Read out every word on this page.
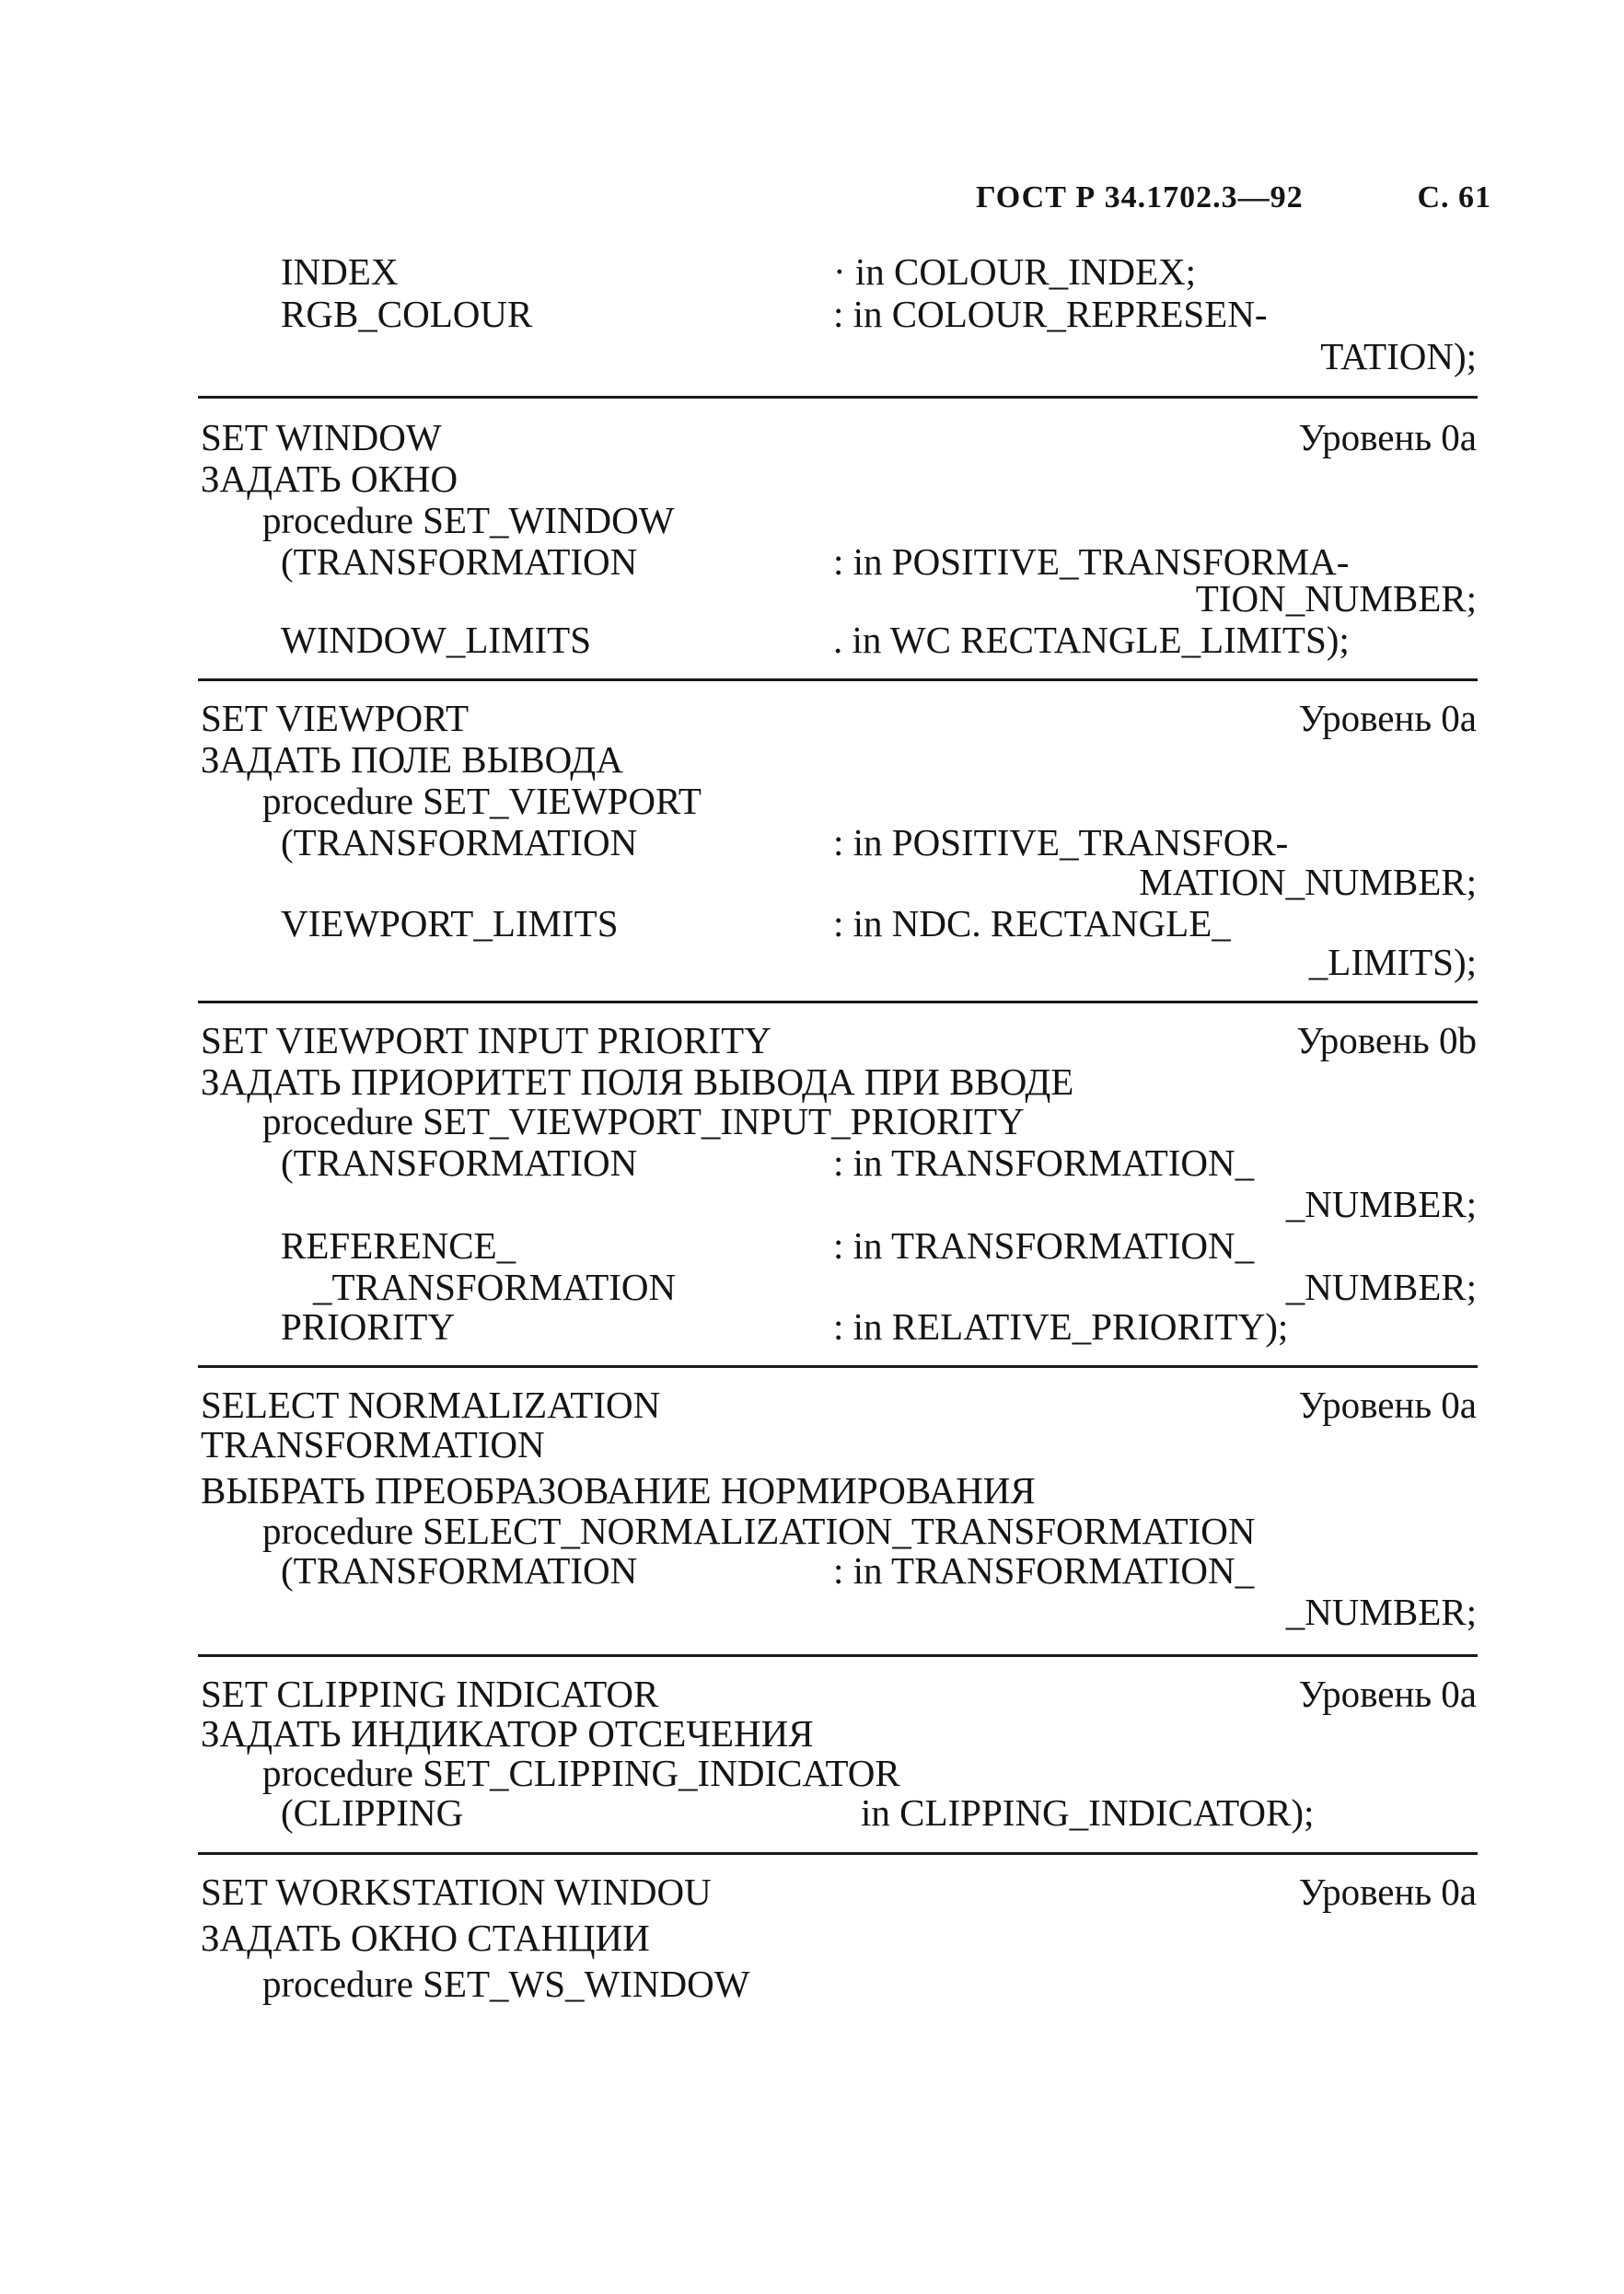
ГОСТ Р 34.1702.3—92	С. 61
INDEX	· in COLOUR_INDEX;
RGB_COLOUR	: in COLOUR_REPRESEN-
TATION);
SET WINDOW	Уровень 0a
ЗАДАТЬ ОКНО
procedure SET_WINDOW
(TRANSFORMATION	: in POSITIVE_TRANSFORMA-
TION_NUMBER;
WINDOW_LIMITS	. in WC RECTANGLE_LIMITS);
SET VIEWPORT	Уровень 0a
ЗАДАТЬ ПОЛЕ ВЫВОДА
procedure SET_VIEWPORT
(TRANSFORMATION	: in POSITIVE_TRANSFOR-
MATION_NUMBER;
VIEWPORT_LIMITS	: in NDC. RECTANGLE_
_LIMITS);
SET VIEWPORT INPUT PRIORITY	Уровень 0b
ЗАДАТЬ ПРИОРИТЕТ ПОЛЯ ВЫВОДА ПРИ ВВОДЕ
procedure SET_VIEWPORT_INPUT_PRIORITY
(TRANSFORMATION	: in TRANSFORMATION_
_NUMBER;
REFERENCE_	: in TRANSFORMATION_
_TRANSFORMATION	_NUMBER;
PRIORITY	: in RELATIVE_PRIORITY);
SELECT NORMALIZATION	Уровень 0a
TRANSFORMATION
ВЫБРАТЬ ПРЕОБРАЗОВАНИЕ НОРМИРОВАНИЯ
procedure SELECT_NORMALIZATION_TRANSFORMATION
(TRANSFORMATION	: in TRANSFORMATION_
_NUMBER;
SET CLIPPING INDICATOR	Уровень 0a
ЗАДАТЬ ИНДИКАТОР ОТСЕЧЕНИЯ
procedure SET_CLIPPING_INDICATOR
(CLIPPING	in CLIPPING_INDICATOR);
SET WORKSTATION WINDOU	Уровень 0a
ЗАДАТЬ ОКНО СТАНЦИИ
procedure SET_WS_WINDOW
